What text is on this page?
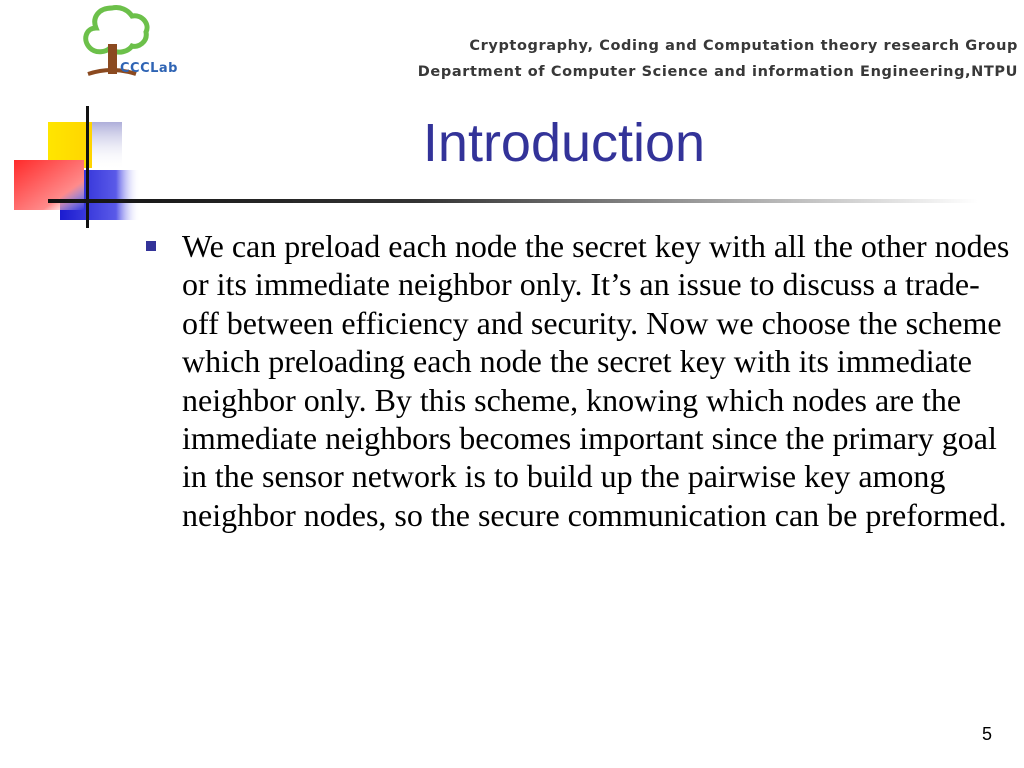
CCCLab
Cryptography, Coding and Computation theory research Group
Department of Computer Science and information Engineering,NTPU
Introduction

We can preload each node the secret key with all the other nodes or its immediate neighbor only. It’s an issue to discuss a trade-off between efficiency and security. Now we choose the scheme which preloading each node the secret key with its immediate neighbor only. By this scheme, knowing which nodes are the immediate neighbors becomes important since the primary goal in the sensor network is to build up the pairwise key among neighbor nodes, so the secure communication can be preformed.

5
